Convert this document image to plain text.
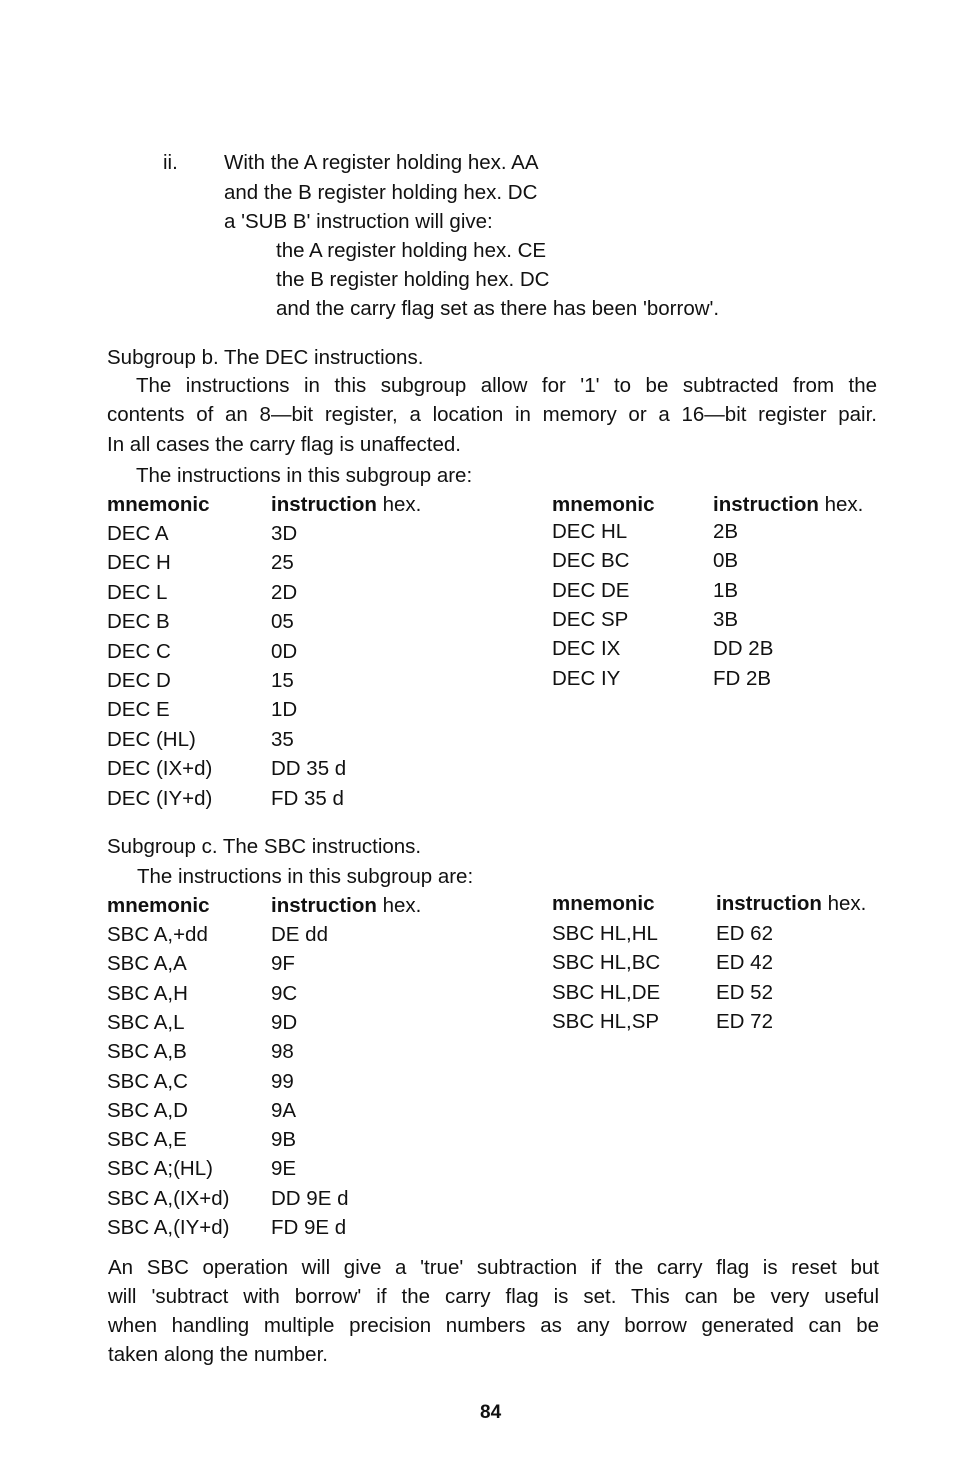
ii. With the A register holding hex. AA
and the B register holding hex. DC
a 'SUB B' instruction will give:
the A register holding hex. CE
the B register holding hex. DC
and the carry flag set as there has been 'borrow'.
Subgroup b. The DEC instructions.
The instructions in this subgroup allow for '1' to be subtracted from the
contents of an 8—bit register, a location in memory or a 16—bit register pair.
In all cases the carry flag is unaffected.
The instructions in this subgroup are:
mnemonic	instruction hex.	mnemonic	instruction hex.
DEC A	3D
DEC H	25
DEC L	2D
DEC B	05
DEC C	0D
DEC D	15
DEC E	1D
DEC (HL)	35
DEC (IX+d)	DD 35 d
DEC (IY+d)	FD 35 d
DEC HL	2B
DEC BC	0B
DEC DE	1B
DEC SP	3B
DEC IX	DD 2B
DEC IY	FD 2B
Subgroup c. The SBC instructions.
The instructions in this subgroup are:
mnemonic	instruction hex.	mnemonic	instruction hex.
SBC A,+dd	DE dd
SBC A,A	9F
SBC A,H	9C
SBC A,L	9D
SBC A,B	98
SBC A,C	99
SBC A,D	9A
SBC A,E	9B
SBC A;(HL)	9E
SBC A,(IX+d) DD 9E d
SBC A,(IY+d) FD 9E d
SBC HL,HL	ED 62
SBC HL,BC	ED 42
SBC HL,DE	ED 52
SBC HL,SP	ED 72
An SBC operation will give a 'true' subtraction if the carry flag is reset but
will 'subtract with borrow' if the carry flag is set. This can be very useful
when handling multiple precision numbers as any borrow generated can be
taken along the number.
84
